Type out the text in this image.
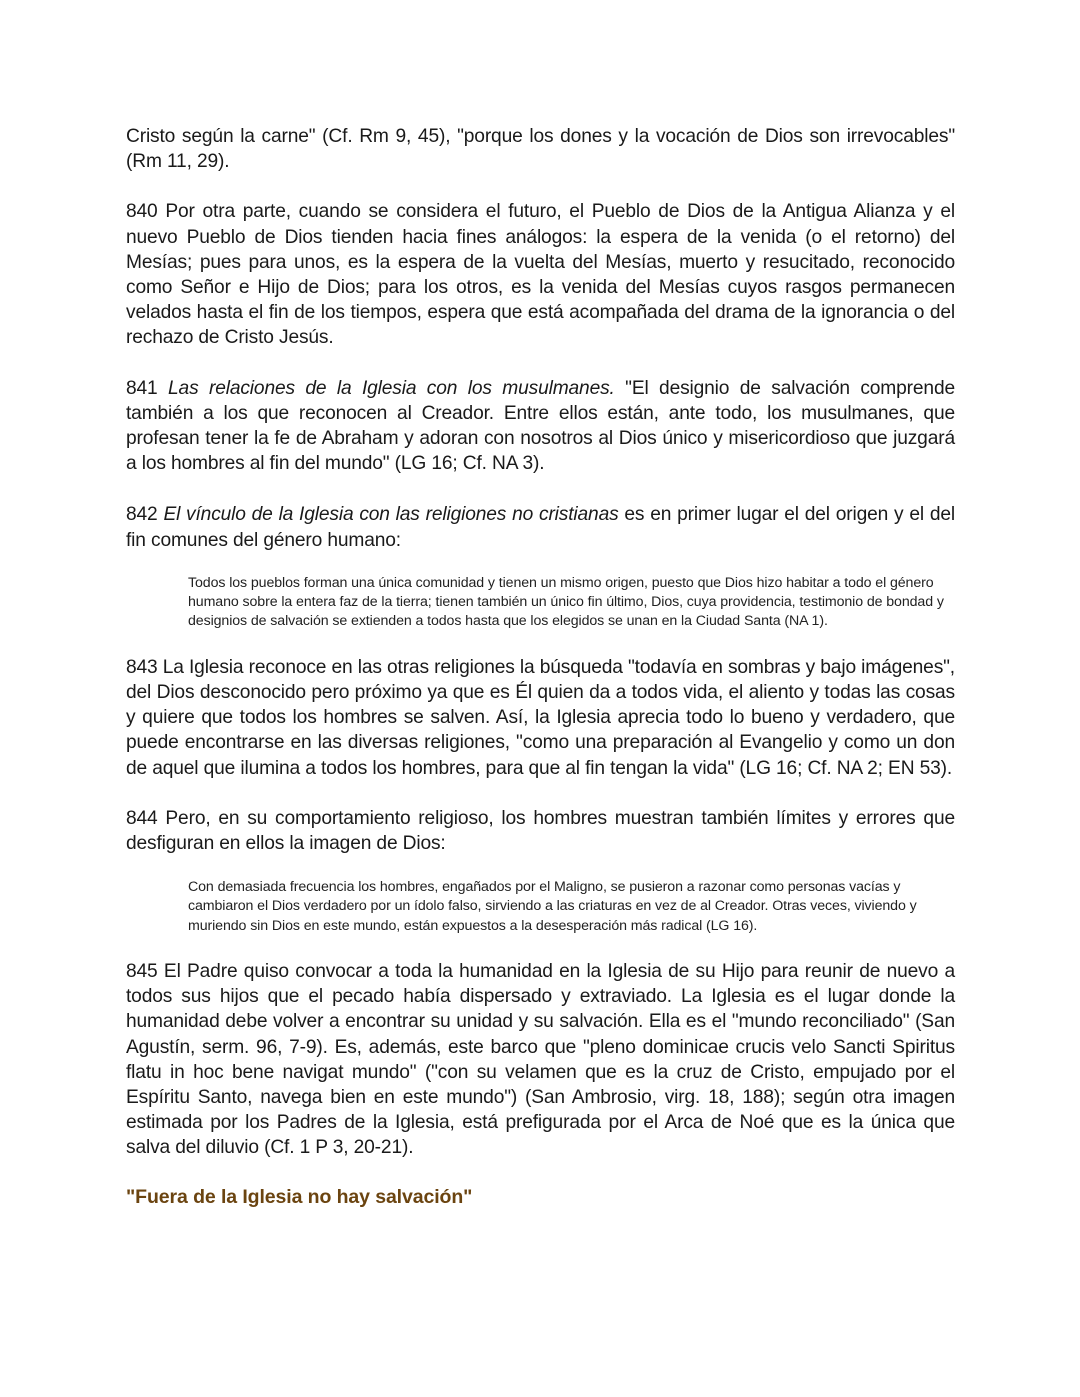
Cristo según la carne" (Cf. Rm 9, 45), "porque los dones y la vocación de Dios son irrevocables" (Rm 11, 29).

840 Por otra parte, cuando se considera el futuro, el Pueblo de Dios de la Antigua Alianza y el nuevo Pueblo de Dios tienden hacia fines análogos: la espera de la venida (o el retorno) del Mesías; pues para unos, es la espera de la vuelta del Mesías, muerto y resucitado, reconocido como Señor e Hijo de Dios; para los otros, es la venida del Mesías cuyos rasgos permanecen velados hasta el fin de los tiempos, espera que está acompañada del drama de la ignorancia o del rechazo de Cristo Jesús.

841 Las relaciones de la Iglesia con los musulmanes. "El designio de salvación comprende también a los que reconocen al Creador. Entre ellos están, ante todo, los musulmanes, que profesan tener la fe de Abraham y adoran con nosotros al Dios único y misericordioso que juzgará a los hombres al fin del mundo" (LG 16; Cf. NA 3).

842 El vínculo de la Iglesia con las religiones no cristianas es en primer lugar el del origen y el del fin comunes del género humano:

Todos los pueblos forman una única comunidad y tienen un mismo origen, puesto que Dios hizo habitar a todo el género humano sobre la entera faz de la tierra; tienen también un único fin último, Dios, cuya providencia, testimonio de bondad y designios de salvación se extienden a todos hasta que los elegidos se unan en la Ciudad Santa (NA 1).

843 La Iglesia reconoce en las otras religiones la búsqueda "todavía en sombras y bajo imágenes", del Dios desconocido pero próximo ya que es Él quien da a todos vida, el aliento y todas las cosas y quiere que todos los hombres se salven. Así, la Iglesia aprecia todo lo bueno y verdadero, que puede encontrarse en las diversas religiones, "como una preparación al Evangelio y como un don de aquel que ilumina a todos los hombres, para que al fin tengan la vida" (LG 16; Cf. NA 2; EN 53).

844 Pero, en su comportamiento religioso, los hombres muestran también límites y errores que desfiguran en ellos la imagen de Dios:

Con demasiada frecuencia los hombres, engañados por el Maligno, se pusieron a razonar como personas vacías y cambiaron el Dios verdadero por un ídolo falso, sirviendo a las criaturas en vez de al Creador. Otras veces, viviendo y muriendo sin Dios en este mundo, están expuestos a la desesperación más radical (LG 16).

845 El Padre quiso convocar a toda la humanidad en la Iglesia de su Hijo para reunir de nuevo a todos sus hijos que el pecado había dispersado y extraviado. La Iglesia es el lugar donde la humanidad debe volver a encontrar su unidad y su salvación. Ella es el "mundo reconciliado" (San Agustín, serm. 96, 7-9). Es, además, este barco que "pleno dominicae crucis velo Sancti Spiritus flatu in hoc bene navigat mundo" ("con su velamen que es la cruz de Cristo, empujado por el Espíritu Santo, navega bien en este mundo") (San Ambrosio, virg. 18, 188); según otra imagen estimada por los Padres de la Iglesia, está prefigurada por el Arca de Noé que es la única que salva del diluvio (Cf. 1 P 3, 20-21).

"Fuera de la Iglesia no hay salvación"
